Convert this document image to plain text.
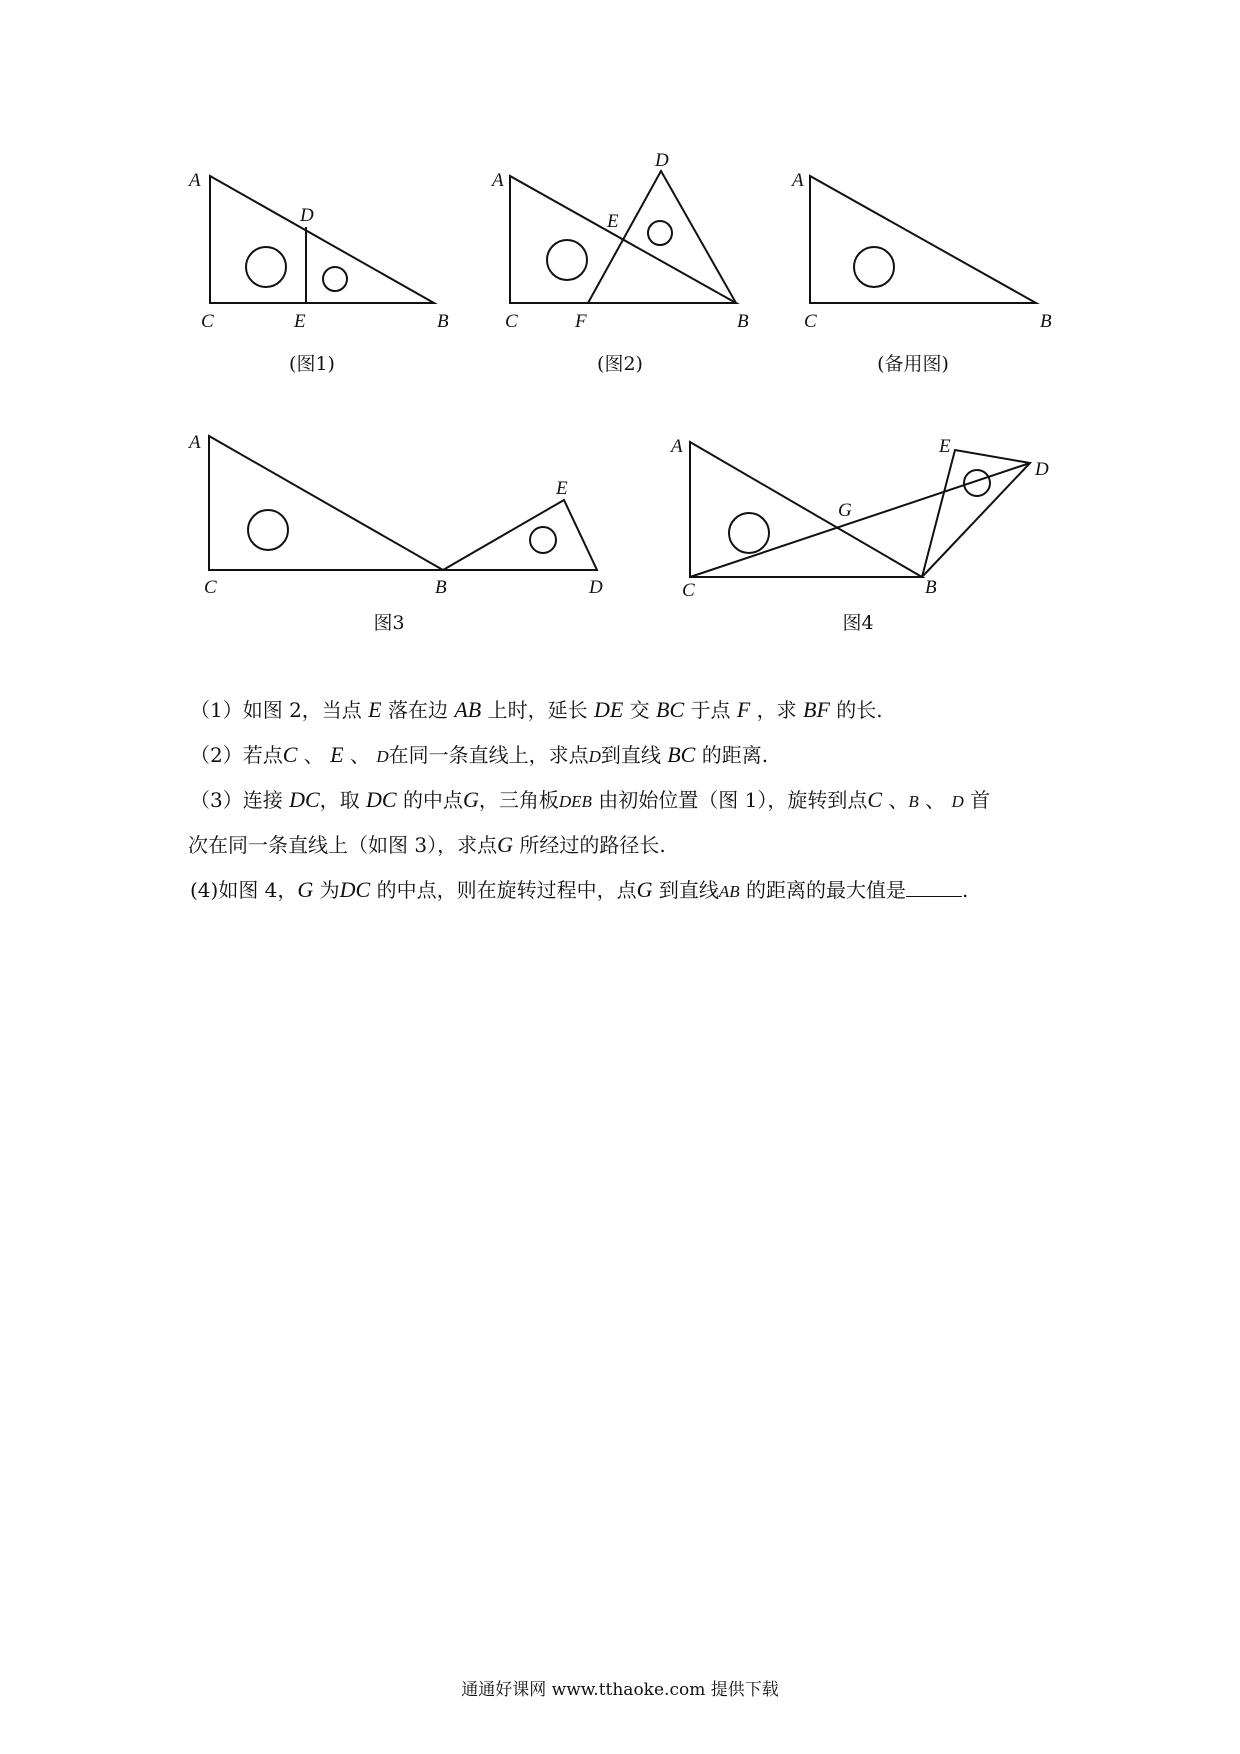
A
C	E	B
D
(图1)
A
C	F	B
D
E
(图2)
A
C	B
(备用图)
A
C	B	D
E
图3
A
C	B
D
E
G
图4
（1）如图 2，当点 E 落在边 AB 上时，延长 DE 交 BC 于点 F ，求 BF 的长.
（2）若点C 、 E 、 D在同一条直线上，求点D到直线 BC 的距离.
（3）连接 DC，取 DC 的中点G，三角板DEB 由初始位置（图 1），旋转到点C 、B 、 D 首
次在同一条直线上（如图 3），求点G 所经过的路径长.
(4)如图 4，G 为DC 的中点，则在旋转过程中，点G 到直线AB 的距离的最大值是	.
通通好课网 www.tthaoke.com 提供下载
